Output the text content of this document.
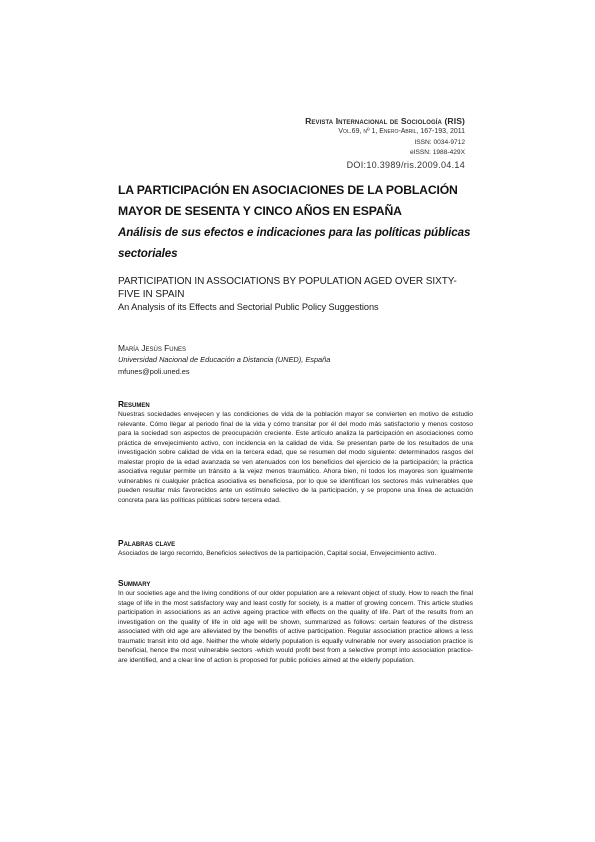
Revista Internacional de Sociología (RIS)
Vol.69, nº 1, Enero-Abril, 167-193, 2011
ISSN: 0034-9712
eISSN: 1988-429X
DOI:10.3989/ris.2009.04.14
LA PARTICIPACIÓN EN ASOCIACIONES DE LA POBLACIÓN MAYOR DE SESENTA Y CINCO AÑOS EN ESPAÑA
Análisis de sus efectos e indicaciones para las políticas públicas sectoriales
PARTICIPATION IN ASSOCIATIONS BY POPULATION AGED OVER SIXTY-FIVE IN SPAIN
An Analysis of its Effects and Sectorial Public Policy Suggestions
María Jesús Funes
Universidad Nacional de Educación a Distancia (UNED), España
mfunes@poli.uned.es
Resumen
Nuestras sociedades envejecen y las condiciones de vida de la población mayor se convierten en motivo de estudio relevante. Cómo llegar al periodo final de la vida y cómo transitar por él del modo más satisfactorio y menos costoso para la sociedad son aspectos de preocupación creciente. Este artículo analiza la participación en asociaciones como práctica de envejecimiento activo, con incidencia en la calidad de vida. Se presentan parte de los resultados de una investigación sobre calidad de vida en la tercera edad, que se resumen del modo siguiente: determinados rasgos del malestar propio de la edad avanzada se ven atenuados con los beneficios del ejercicio de la participación; la práctica asociativa regular permite un tránsito a la vejez menos traumático. Ahora bien, ni todos los mayores son igualmente vulnerables ni cualquier práctica asociativa es beneficiosa, por lo que se identifican los sectores más vulnerables que pueden resultar más favorecidos ante un estímulo selectivo de la participación, y se propone una línea de actuación concreta para las políticas públicas sobre tercera edad.
Palabras clave
Asociados de largo recorrido, Beneficios selectivos de la participación, Capital social, Envejecimiento activo.
Summary
In our societies age and the living conditions of our older population are a relevant object of study. How to reach the final stage of life in the most satisfactory way and least costly for society, is a matter of growing concern. This article studies participation in associations as an active ageing practice with effects on the quality of life. Part of the results from an investigation on the quality of life in old age will be shown, summarized as follows: certain features of the distress associated with old age are alleviated by the benefits of active participation. Regular association practice allows a less traumatic transit into old age. Neither the whole elderly population is equally vulnerable nor every association practice is beneficial, hence the most vulnerable sectors -which would profit best from a selective prompt into association practice- are identified, and a clear line of action is proposed for public policies aimed at the elderly population.
